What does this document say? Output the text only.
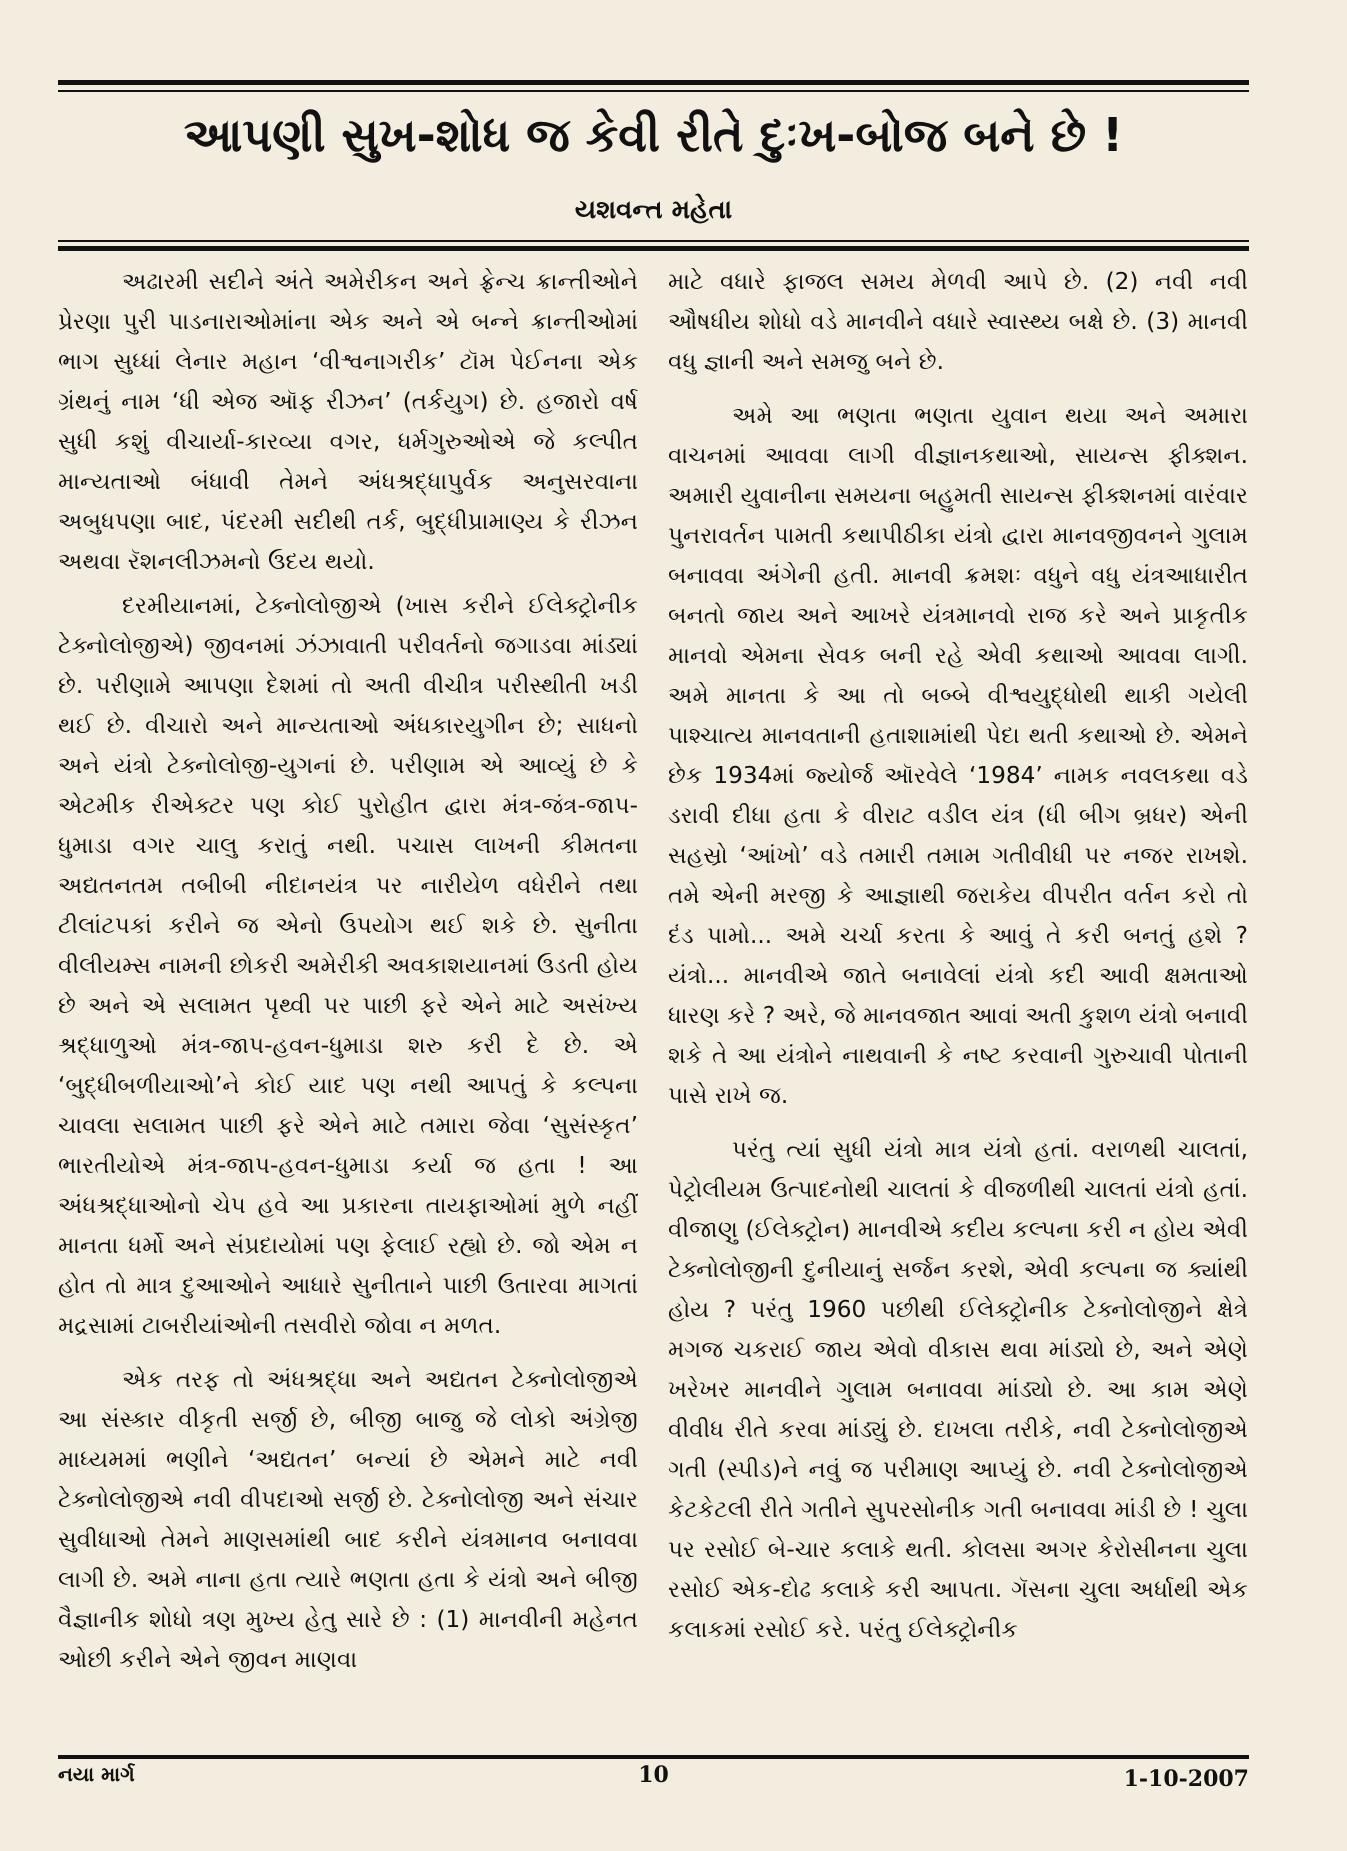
આપણી સુખ-શોધ જ કેવી રીતે દુઃખ-બોજ બને છે !
યશવન્ત મહેતા

અઢારમી સદીને અંતે અમેરીકન અને ફ્રેન્ચ ક્રાન્તીઓને પ્રેરણા પુરી પાડનારાઓમાંના એક અને એ બન્ને ક્રાન્તીઓમાં ભાગ સુધ્ધાં લેનાર મહાન ‘વીશ્વનાગરીક’ ટૉમ પેઈનના એક ગ્રંથનું નામ ‘ધી એજ ઑફ રીઝન’ (તર્કયુગ) છે. હજારો વર્ષ સુધી કશું વીચાર્યા-કારવ્યા વગર, ધર્મગુરુઓએ જે કલ્પીત માન્યતાઓ બંધાવી તેમને અંધશ્રદ્ધાપુર્વક અનુસરવાના અબુધપણા બાદ, પંદરમી સદીથી તર્ક, બુદ્ધીપ્રામાણ્ય કે રીઝન અથવા રૅશનલીઝમનો ઉદય થયો.

દરમીયાનમાં, ટેક્નોલોજીએ (ખાસ કરીને ઈલેક્ટ્રોનીક ટેક્નોલોજીએ) જીવનમાં ઝંઝાવાતી પરીવર્તનો જગાડવા માંડ્યાં છે. પરીણામે આપણા દેશમાં તો અતી વીચીત્ર પરીસ્થીતી ખડી થઈ છે. વીચારો અને માન્યતાઓ અંધકારયુગીન છે; સાધનો અને યંત્રો ટેક્નોલોજી-યુગનાં છે. પરીણામ એ આવ્યું છે કે એટમીક રીએક્ટર પણ કોઈ પુરોહીત દ્વારા મંત્ર-જંત્ર-જાપ- ધુમાડા વગર ચાલુ કરાતું નથી. પચાસ લાખની કીમતના અદ્યતનતમ તબીબી નીદાનયંત્ર પર નારીયેળ વધેરીને તથા ટીલાંટપકાં કરીને જ એનો ઉપયોગ થઈ શકે છે. સુનીતા વીલીયમ્સ નામની છોકરી અમેરીકી અવકાશયાનમાં ઉડતી હોય છે અને એ સલામત પૃથ્વી પર પાછી ફરે એને માટે અસંખ્ય શ્રદ્ધાળુઓ મંત્ર-જાપ-હવન-ધુમાડા શરુ કરી દે છે. એ ‘બુદ્ધીબળીયાઓ’ને કોઈ યાદ પણ નથી આપતું કે કલ્પના ચાવલા સલામત પાછી ફરે એને માટે તમારા જેવા ‘સુસંસ્કૃત’ ભારતીયોએ મંત્ર-જાપ-હવન-ધુમાડા કર્યા જ હતા ! આ અંધશ્રદ્ધાઓનો ચેપ હવે આ પ્રકારના તાયફાઓમાં મુળે નહીં માનતા ધર્મો અને સંપ્રદાયોમાં પણ ફેલાઈ રહ્યો છે. જો એમ ન હોત તો માત્ર દુઆઓને આધારે સુનીતાને પાછી ઉતારવા માગતાં મદ્રસામાં ટાબરીયાંઓની તસવીરો જોવા ન મળત.

એક તરફ તો અંધશ્રદ્ધા અને અદ્યતન ટેક્નોલોજીએ આ સંસ્કાર વીકૃતી સર્જી છે, બીજી બાજુ જે લોકો અંગ્રેજી માધ્યમમાં ભણીને ‘અદ્યતન’ બન્યાં છે એમને માટે નવી ટેક્નોલોજીએ નવી વીપદાઓ સર્જી છે. ટેક્નોલોજી અને સંચાર સુવીધાઓ તેમને માણસમાંથી બાદ કરીને યંત્રમાનવ બનાવવા લાગી છે. અમે નાના હતા ત્યારે ભણતા હતા કે યંત્રો અને બીજી વૈજ્ઞાનીક શોધો ત્રણ મુખ્ય હેતુ સારે છે : (1) માનવીની મહેનત ઓછી કરીને એને જીવન માણવા

માટે વધારે ફાજલ સમય મેળવી આપે છે. (2) નવી નવી ઔષધીય શોધો વડે માનવીને વધારે સ્વાસ્થ્ય બક્ષે છે. (3) માનવી વધુ જ્ઞાની અને સમજુ બને છે.

અમે આ ભણતા ભણતા યુવાન થયા અને અમારા વાચનમાં આવવા લાગી વીજ્ઞાનકથાઓ, સાયન્સ ફીક્શન. અમારી યુવાનીના સમયના બહુમતી સાયન્સ ફીક્શનમાં વારંવાર પુનરાવર્તન પામતી કથાપીઠીકા યંત્રો દ્વારા માનવજીવનને ગુલામ બનાવવા અંગેની હતી. માનવી ક્રમશઃ વધુને વધુ યંત્રઆધારીત બનતો જાય અને આખરે યંત્રમાનવો રાજ કરે અને પ્રાકૃતીક માનવો એમના સેવક બની રહે એવી કથાઓ આવવા લાગી. અમે માનતા કે આ તો બબ્બે વીશ્વયુદ્ધોથી થાકી ગયેલી પાશ્ચાત્ય માનવતાની હતાશામાંથી પેદા થતી કથાઓ છે. એમને છેક 1934માં જ્યોર્જ ઑરવેલે ‘1984’ નામક નવલકથા વડે ડરાવી દીધા હતા કે વીરાટ વડીલ યંત્ર (ધી બીગ બ્રધર) એની સહસ્રો ‘આંખો’ વડે તમારી તમામ ગતીવીધી પર નજર રાખશે. તમે એની મરજી કે આજ્ઞાથી જરાકેય વીપરીત વર્તન કરો તો દંડ પામો... અમે ચર્ચા કરતા કે આવું તે કરી બનતું હશે ? યંત્રો... માનવીએ જાતે બનાવેલાં યંત્રો કદી આવી ક્ષમતાઓ ધારણ કરે ? અરે, જે માનવજાત આવાં અતી કુશળ યંત્રો બનાવી શકે તે આ યંત્રોને નાથવાની કે નષ્ટ કરવાની ગુરુચાવી પોતાની પાસે રાખે જ.

પરંતુ ત્યાં સુધી યંત્રો માત્ર યંત્રો હતાં. વરાળથી ચાલતાં, પેટ્રોલીયમ ઉત્પાદનોથી ચાલતાં કે વીજળીથી ચાલતાં યંત્રો હતાં. વીજાણુ (ઈલેક્ટ્રોન) માનવીએ કદીય કલ્પના કરી ન હોય એવી ટેક્નોલોજીની દુનીયાનું સર્જન કરશે, એવી કલ્પના જ ક્યાંથી હોય ? પરંતુ 1960 પછીથી ઈલેક્ટ્રોનીક ટેક્નોલોજીને ક્ષેત્રે મગજ ચકરાઈ જાય એવો વીકાસ થવા માંડ્યો છે, અને એણે ખરેખર માનવીને ગુલામ બનાવવા માંડ્યો છે. આ કામ એણે વીવીધ રીતે કરવા માંડ્યું છે. દાખલા તરીકે, નવી ટેક્નોલોજીએ ગતી (સ્પીડ)ને નવું જ પરીમાણ આપ્યું છે. નવી ટેક્નોલોજીએ કેટકેટલી રીતે ગતીને સુપરસોનીક ગતી બનાવવા માંડી છે ! ચુલા પર રસોઈ બે-ચાર કલાકે થતી. કોલસા અગર કેરોસીનના ચુલા રસોઈ એક-દોઢ કલાકે કરી આપતા. ગૅસના ચુલા અર્ધાથી એક કલાકમાં રસોઈ કરે. પરંતુ ઈલેક્ટ્રોનીક

નયા માર્ગ	10	1-10-2007
